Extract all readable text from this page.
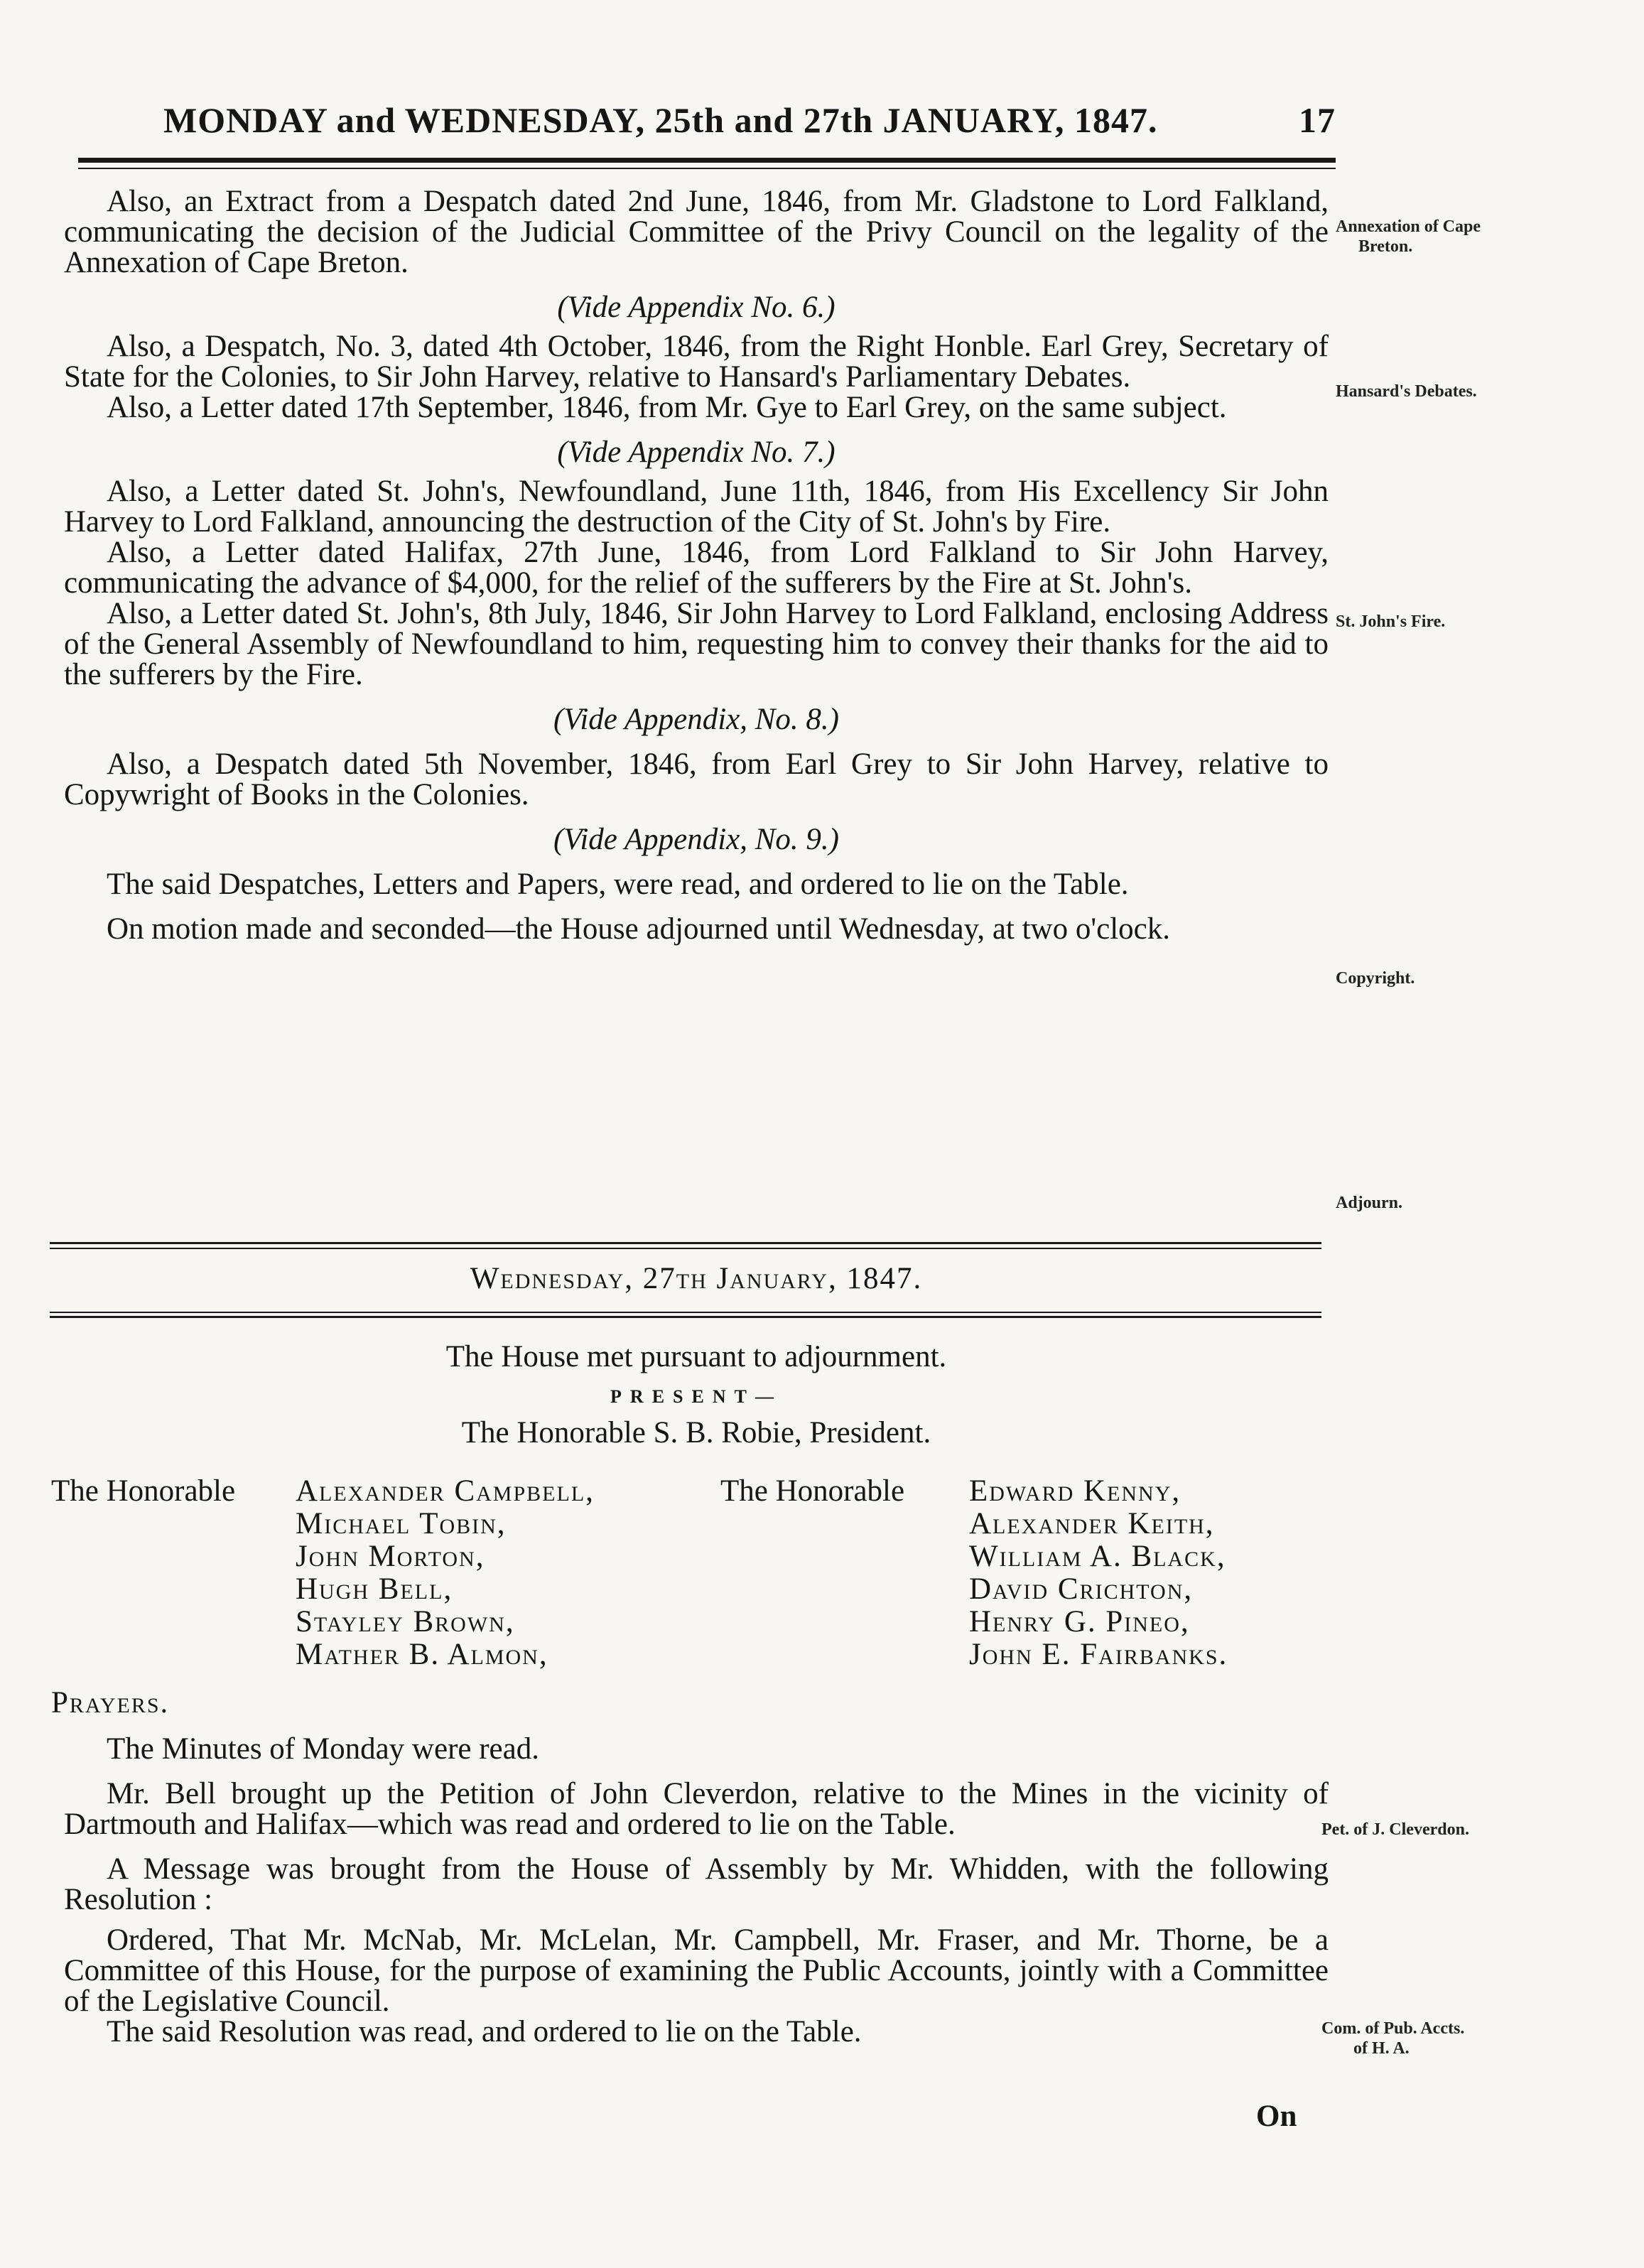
MONDAY and WEDNESDAY, 25th and 27th JANUARY, 1847.	17

Also, an Extract from a Despatch dated 2nd June, 1846, from Mr. Gladstone to Lord Falkland, communicating the decision of the Judicial Committee of the Privy Council on the legality of the Annexation of Cape Breton.

(Vide Appendix No. 6.)

Also, a Despatch, No. 3, dated 4th October, 1846, from the Right Honble. Earl Grey, Secretary of State for the Colonies, to Sir John Harvey, relative to Hansard's Parliamentary Debates.

Also, a Letter dated 17th September, 1846, from Mr. Gye to Earl Grey, on the same subject.

(Vide Appendix No. 7.)

Also, a Letter dated St. John's, Newfoundland, June 11th, 1846, from His Excellency Sir John Harvey to Lord Falkland, announcing the destruction of the City of St. John's by Fire.

Also, a Letter dated Halifax, 27th June, 1846, from Lord Falkland to Sir John Harvey, communicating the advance of $4,000, for the relief of the sufferers by the Fire at St. John's.

Also, a Letter dated St. John's, 8th July, 1846, Sir John Harvey to Lord Falkland, enclosing Address of the General Assembly of Newfoundland to him, requesting him to convey their thanks for the aid to the sufferers by the Fire.

(Vide Appendix, No. 8.)

Also, a Despatch dated 5th November, 1846, from Earl Grey to Sir John Harvey, relative to Copywright of Books in the Colonies.

(Vide Appendix, No. 9.)

The said Despatches, Letters and Papers, were read, and ordered to lie on the Table.

On motion made and seconded—the House adjourned until Wednesday, at two o'clock.

Annexation of Cape
Breton.
Hansard's Debates.
St. John's Fire.
Copyright.
Adjourn.

Wednesday, 27th January, 1847.

The House met pursuant to adjournment.

PRESENT—

The Honorable S. B. Robie, President.

The Honorable Alexander Campbell,
Michael Tobin,
John Morton,
Hugh Bell,
Stayley Brown,
Mather B. Almon,
The Honorable Edward Kenny,
Alexander Keith,
William A. Black,
David Crichton,
Henry G. Pineo,
John E. Fairbanks.
Prayers.

The Minutes of Monday were read.

Mr. Bell brought up the Petition of John Cleverdon, relative to the Mines in the vicinity of Dartmouth and Halifax—which was read and ordered to lie on the Table.

A Message was brought from the House of Assembly by Mr. Whidden, with the following Resolution :

Ordered, That Mr. McNab, Mr. McLelan, Mr. Campbell, Mr. Fraser, and Mr. Thorne, be a Committee of this House, for the purpose of examining the Public Accounts, jointly with a Committee of the Legislative Council.

The said Resolution was read, and ordered to lie on the Table.

Pet. of J. Cleverdon.
Com. of Pub. Accts.
of H. A.
On
